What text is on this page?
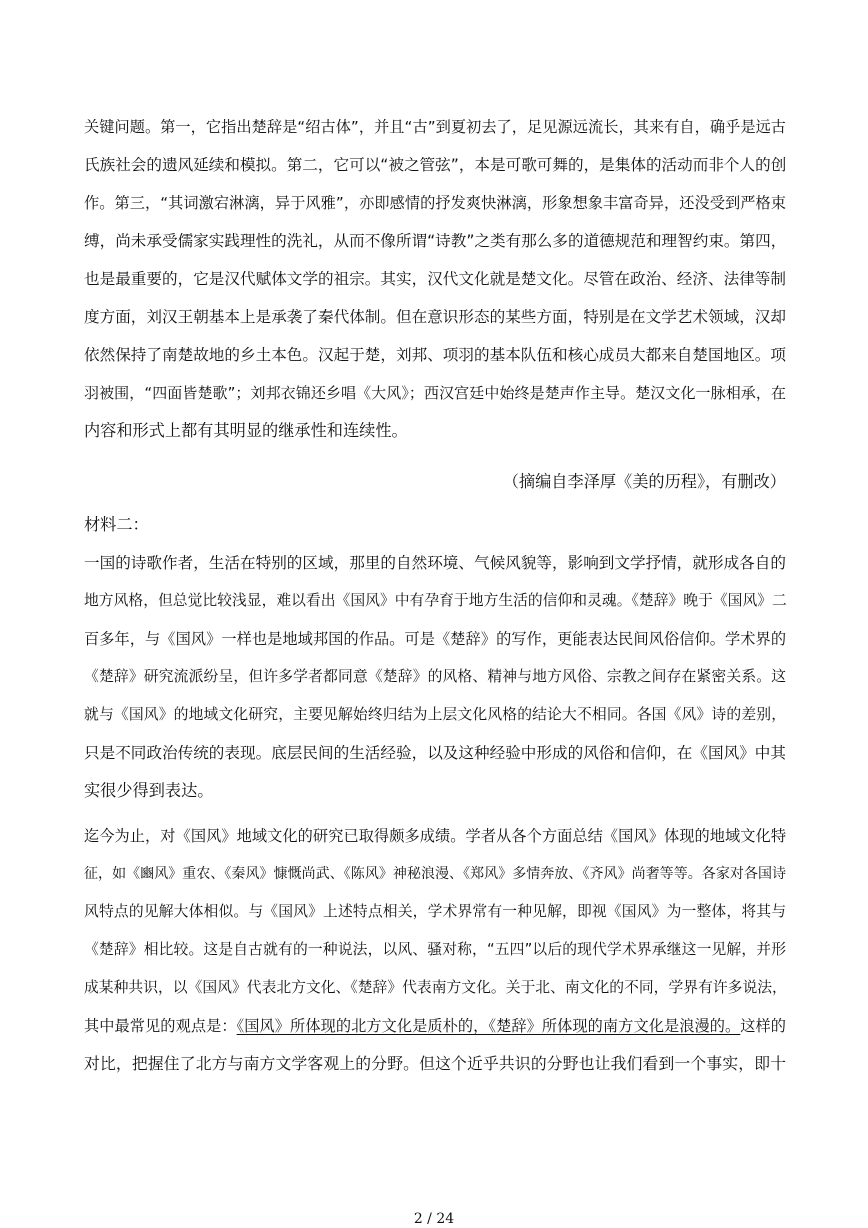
关键问题。第一，它指出楚辞是“绍古体”，并且“古”到夏初去了，足见源远流长，其来有自，确乎是远古
氏族社会的遗风延续和模拟。第二，它可以“被之管弦”，本是可歌可舞的，是集体的活动而非个人的创
作。第三，“其词激宕淋漓，异于风雅”，亦即感情的抒发爽快淋漓，形象想象丰富奇异，还没受到严格束
缚，尚未承受儒家实践理性的洗礼，从而不像所谓“诗教”之类有那么多的道德规范和理智约束。第四，
也是最重要的，它是汉代赋体文学的祖宗。其实，汉代文化就是楚文化。尽管在政治、经济、法律等制
度方面，刘汉王朝基本上是承袭了秦代体制。但在意识形态的某些方面，特别是在文学艺术领域，汉却
依然保持了南楚故地的乡土本色。汉起于楚，刘邦、项羽的基本队伍和核心成员大都来自楚国地区。项
羽被围，“四面皆楚歌”；刘邦衣锦还乡唱《大风》；西汉宫廷中始终是楚声作主导。楚汉文化一脉相承，在
内容和形式上都有其明显的继承性和连续性。
（摘编自李泽厚《美的历程》，有删改）
材料二：
一国的诗歌作者，生活在特别的区域，那里的自然环境、气候风貌等，影响到文学抒情，就形成各自的
地方风格，但总觉比较浅显，难以看出《国风》中有孕育于地方生活的信仰和灵魂。《楚辞》晚于《国风》二
百多年，与《国风》一样也是地域邦国的作品。可是《楚辞》的写作，更能表达民间风俗信仰。学术界的
《楚辞》研究流派纷呈，但许多学者都同意《楚辞》的风格、精神与地方风俗、宗教之间存在紧密关系。这
就与《国风》的地域文化研究，主要见解始终归结为上层文化风格的结论大不相同。各国《风》诗的差别，
只是不同政治传统的表现。底层民间的生活经验，以及这种经验中形成的风俗和信仰，在《国风》中其
实很少得到表达。
迄今为止，对《国风》地域文化的研究已取得颇多成绩。学者从各个方面总结《国风》体现的地域文化特
征，如《豳风》重农、《秦风》慷慨尚武、《陈风》神秘浪漫、《郑风》多情奔放、《齐风》尚奢等等。各家对各国诗
风特点的见解大体相似。与《国风》上述特点相关，学术界常有一种见解，即视《国风》为一整体，将其与
《楚辞》相比较。这是自古就有的一种说法，以风、骚对称，“五四”以后的现代学术界承继这一见解，并形
成某种共识，以《国风》代表北方文化、《楚辞》代表南方文化。关于北、南文化的不同，学界有许多说法，
其中最常见的观点是：《国风》所体现的北方文化是质朴的，《楚辞》所体现的南方文化是浪漫的。这样的
对比，把握住了北方与南方文学客观上的分野。但这个近乎共识的分野也让我们看到一个事实，即十
2 / 24
